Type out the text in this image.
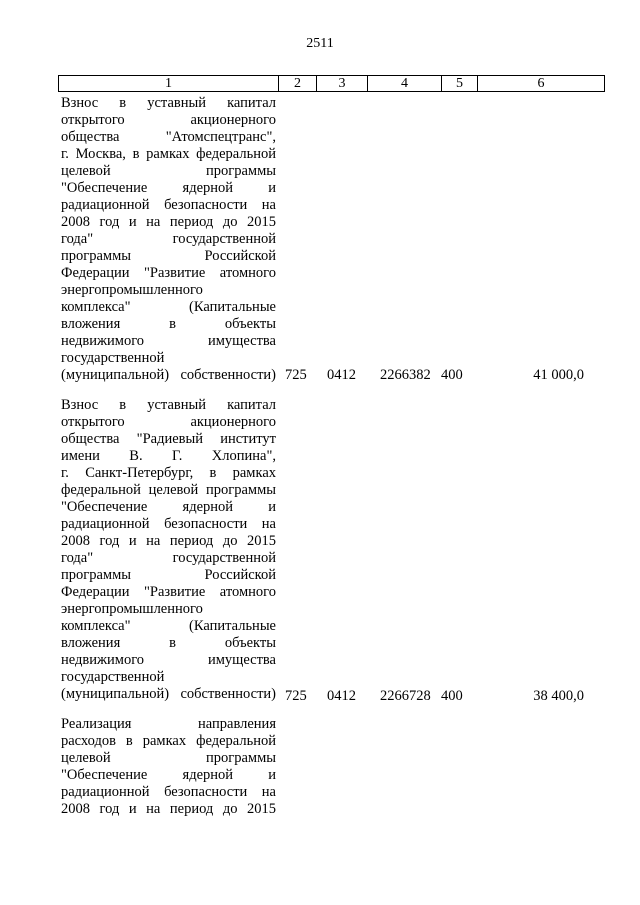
2511
1	2	3	4	5	6
Взнос в уставный капитал
открытого акционерного
общества "Атомспецтранс",
г. Москва, в рамках федеральной
целевой программы
"Обеспечение ядерной и
радиационной безопасности на
2008 год и на период до 2015
года" государственной
программы Российской
Федерации "Развитие атомного
энергопромышленного
комплекса" (Капитальные
вложения в объекты
недвижимого имущества
государственной
(муниципальной) собственности) 725 0412 2266382 400	41 000,0
Взнос в уставный капитал
открытого акционерного
общества "Радиевый институт
имени В. Г. Хлопина",
г. Санкт-Петербург, в рамках
федеральной целевой программы
"Обеспечение ядерной и
радиационной безопасности на
2008 год и на период до 2015
года" государственной
программы Российской
Федерации "Развитие атомного
энергопромышленного
комплекса" (Капитальные
вложения в объекты
недвижимого имущества
государственной
(муниципальной) собственности) 725 0412 2266728 400	38 400,0
Реализация направления
расходов в рамках федеральной
целевой программы
"Обеспечение ядерной и
радиационной безопасности на
2008 год и на период до 2015
